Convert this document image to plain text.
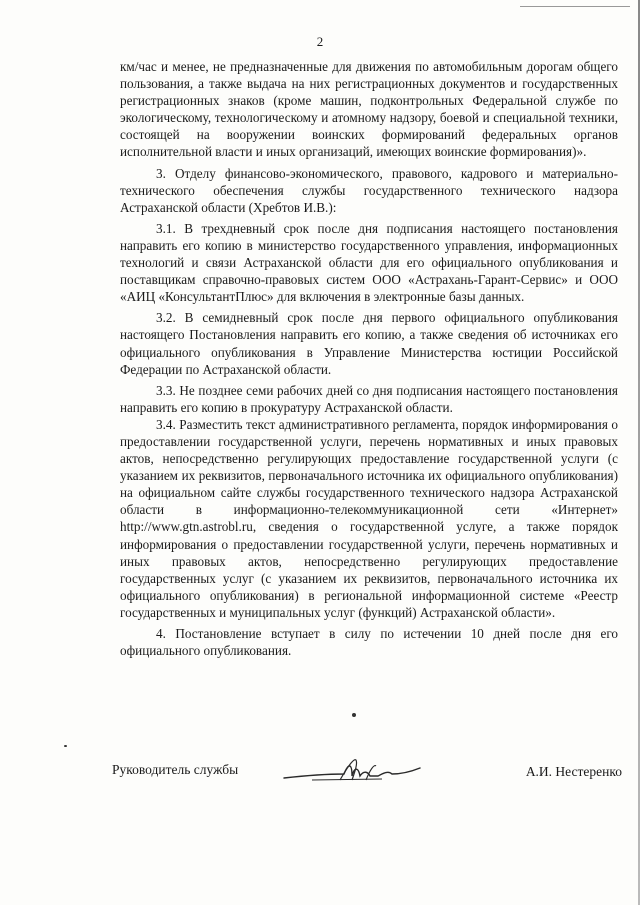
2

км/час и менее, не предназначенные для движения по автомобильным дорогам общего пользования, а также выдача на них регистрационных документов и государственных регистрационных знаков (кроме машин, подконтрольных Федеральной службе по экологическому, технологическому и атомному надзору, боевой и специальной техники, состоящей на вооружении воинских формирований федеральных органов исполнительной власти и иных организаций, имеющих воинские формирования)».

3. Отделу финансово-экономического, правового, кадрового и материально-технического обеспечения службы государственного технического надзора Астраханской области (Хребтов И.В.):

3.1. В трехдневный срок после дня подписания настоящего постановления направить его копию в министерство государственного управления, информационных технологий и связи Астраханской области для его официального опубликования и поставщикам справочно-правовых систем ООО «Астрахань-Гарант-Сервис» и ООО «АИЦ «КонсультантПлюс» для включения в электронные базы данных.

3.2. В семидневный срок после дня первого официального опубликования настоящего Постановления направить его копию, а также сведения об источниках его официального опубликования в Управление Министерства юстиции Российской Федерации по Астраханской области.

3.3. Не позднее семи рабочих дней со дня подписания настоящего постановления направить его копию в прокуратуру Астраханской области.

3.4. Разместить текст административного регламента, порядок информирования о предоставлении государственной услуги, перечень нормативных и иных правовых актов, непосредственно регулирующих предоставление государственной услуги (с указанием их реквизитов, первоначального источника их официального опубликования) на официальном сайте службы государственного технического надзора Астраханской области в информационно-телекоммуникационной сети «Интернет» http://www.gtn.astrobl.ru, сведения о государственной услуге, а также порядок информирования о предоставлении государственной услуги, перечень нормативных и иных правовых актов, непосредственно регулирующих предоставление государственных услуг (с указанием их реквизитов, первоначального источника их официального опубликования) в региональной информационной системе «Реестр государственных и муниципальных услуг (функций) Астраханской области».

4. Постановление вступает в силу по истечении 10 дней после дня его официального опубликования.

Руководитель службы	А.И. Нестеренко
